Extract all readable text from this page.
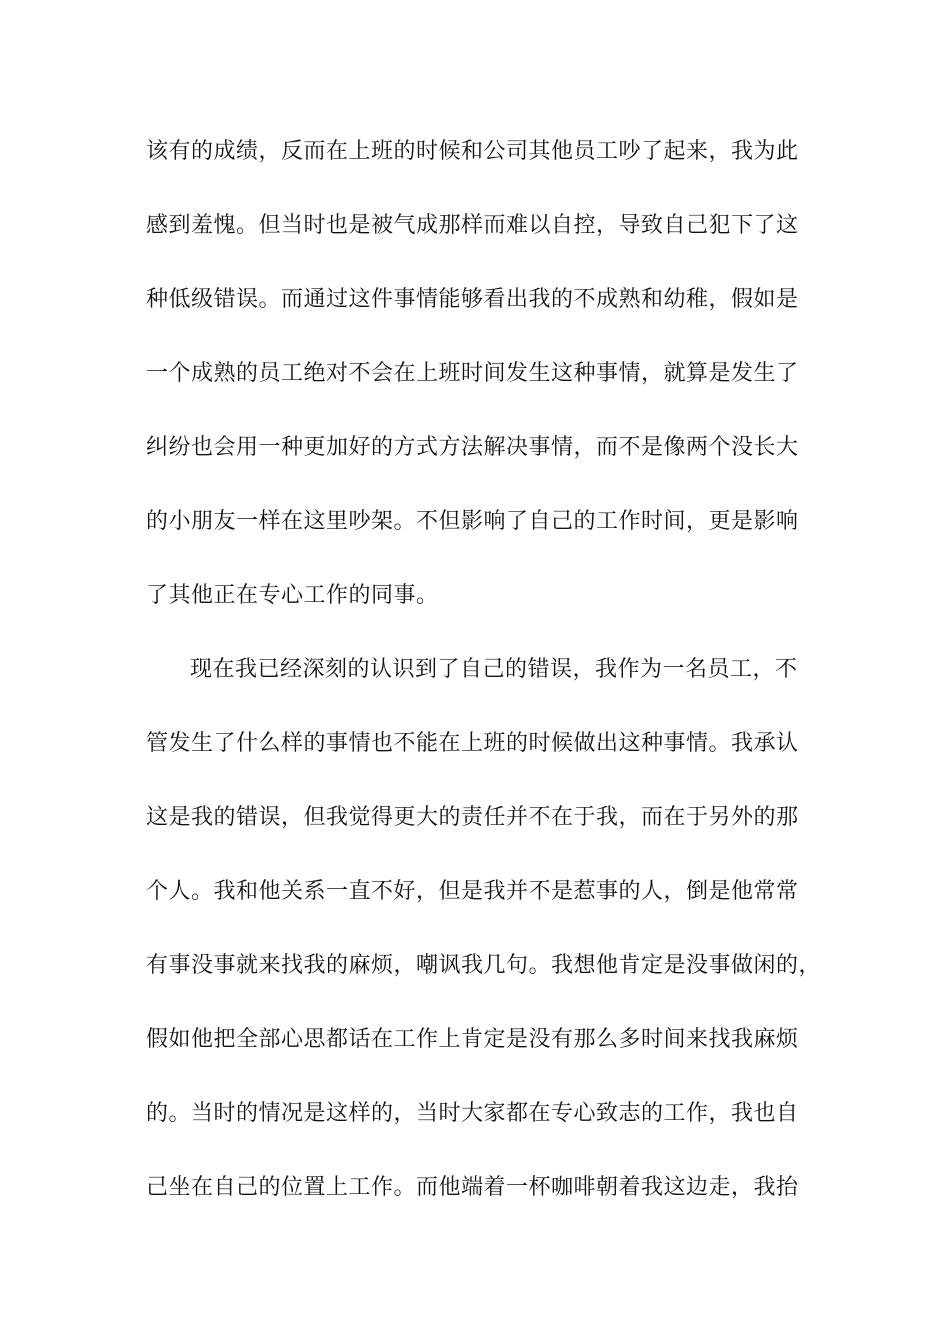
该有的成绩，反而在上班的时候和公司其他员工吵了起来，我为此
感到羞愧。但当时也是被气成那样而难以自控，导致自己犯下了这
种低级错误。而通过这件事情能够看出我的不成熟和幼稚，假如是
一个成熟的员工绝对不会在上班时间发生这种事情，就算是发生了
纠纷也会用一种更加好的方式方法解决事情，而不是像两个没长大
的小朋友一样在这里吵架。不但影响了自己的工作时间，更是影响
了其他正在专心工作的同事。
现在我已经深刻的认识到了自己的错误，我作为一名员工，不
管发生了什么样的事情也不能在上班的时候做出这种事情。我承认
这是我的错误，但我觉得更大的责任并不在于我，而在于另外的那
个人。我和他关系一直不好，但是我并不是惹事的人，倒是他常常
有事没事就来找我的麻烦，嘲讽我几句。我想他肯定是没事做闲的，
假如他把全部心思都话在工作上肯定是没有那么多时间来找我麻烦
的。当时的情况是这样的，当时大家都在专心致志的工作，我也自
己坐在自己的位置上工作。而他端着一杯咖啡朝着我这边走，我抬
